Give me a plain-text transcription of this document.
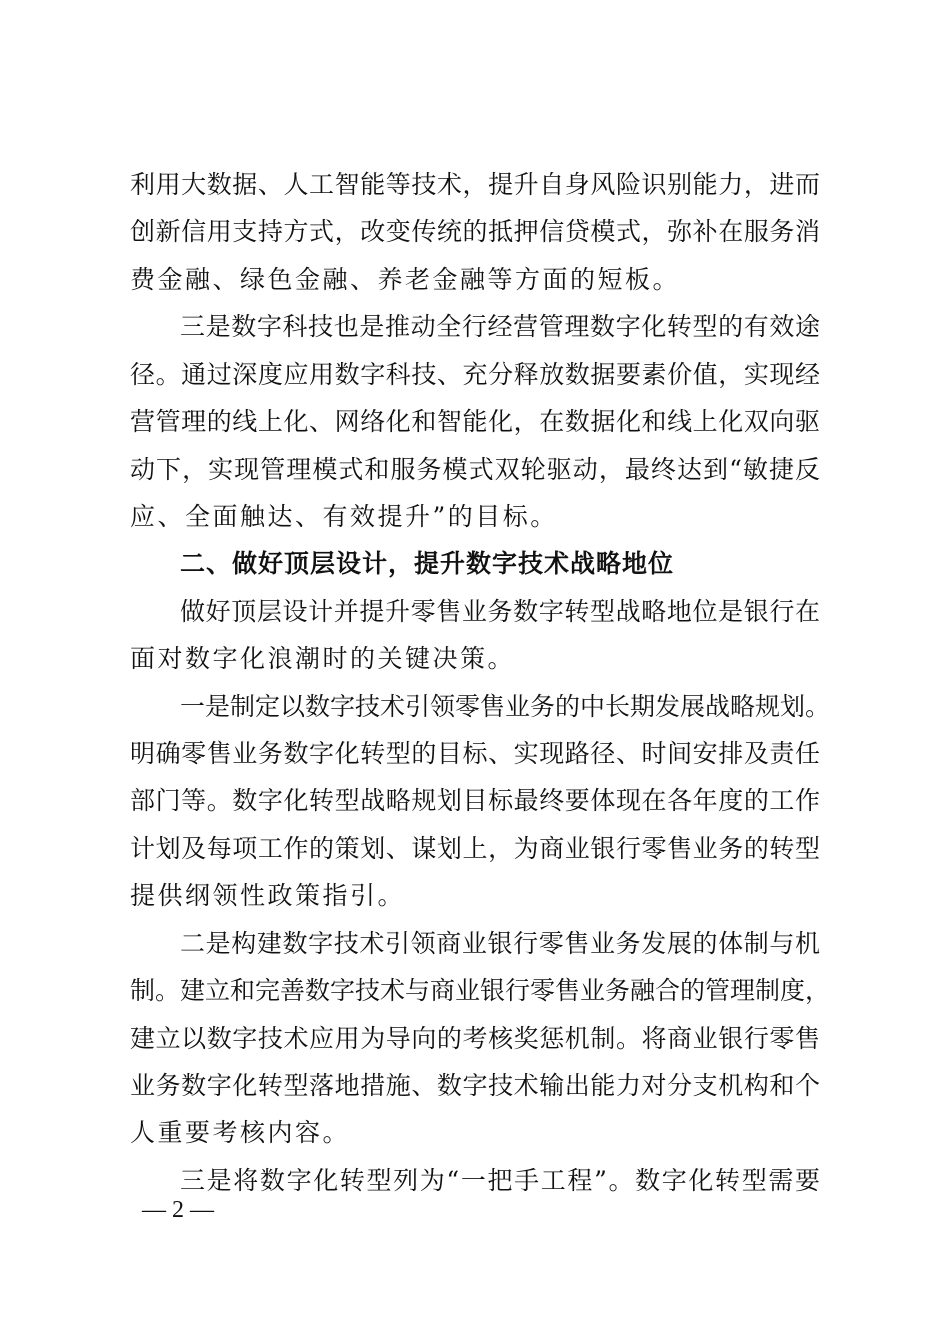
利用大数据、人工智能等技术，提升自身风险识别能力，进而
创新信用支持方式，改变传统的抵押信贷模式，弥补在服务消
费金融、绿色金融、养老金融等方面的短板。
三是数字科技也是推动全行经营管理数字化转型的有效途
径。通过深度应用数字科技、充分释放数据要素价值，实现经
营管理的线上化、网络化和智能化，在数据化和线上化双向驱
动下，实现管理模式和服务模式双轮驱动，最终达到“敏捷反
应、全面触达、有效提升”的目标。
二、做好顶层设计，提升数字技术战略地位
做好顶层设计并提升零售业务数字转型战略地位是银行在
面对数字化浪潮时的关键决策。
一是制定以数字技术引领零售业务的中长期发展战略规划。
明确零售业务数字化转型的目标、实现路径、时间安排及责任
部门等。数字化转型战略规划目标最终要体现在各年度的工作
计划及每项工作的策划、谋划上，为商业银行零售业务的转型
提供纲领性政策指引。
二是构建数字技术引领商业银行零售业务发展的体制与机
制。建立和完善数字技术与商业银行零售业务融合的管理制度，
建立以数字技术应用为导向的考核奖惩机制。将商业银行零售
业务数字化转型落地措施、数字技术输出能力对分支机构和个
人重要考核内容。
三是将数字化转型列为“一把手工程”。数字化转型需要
— 2 —
